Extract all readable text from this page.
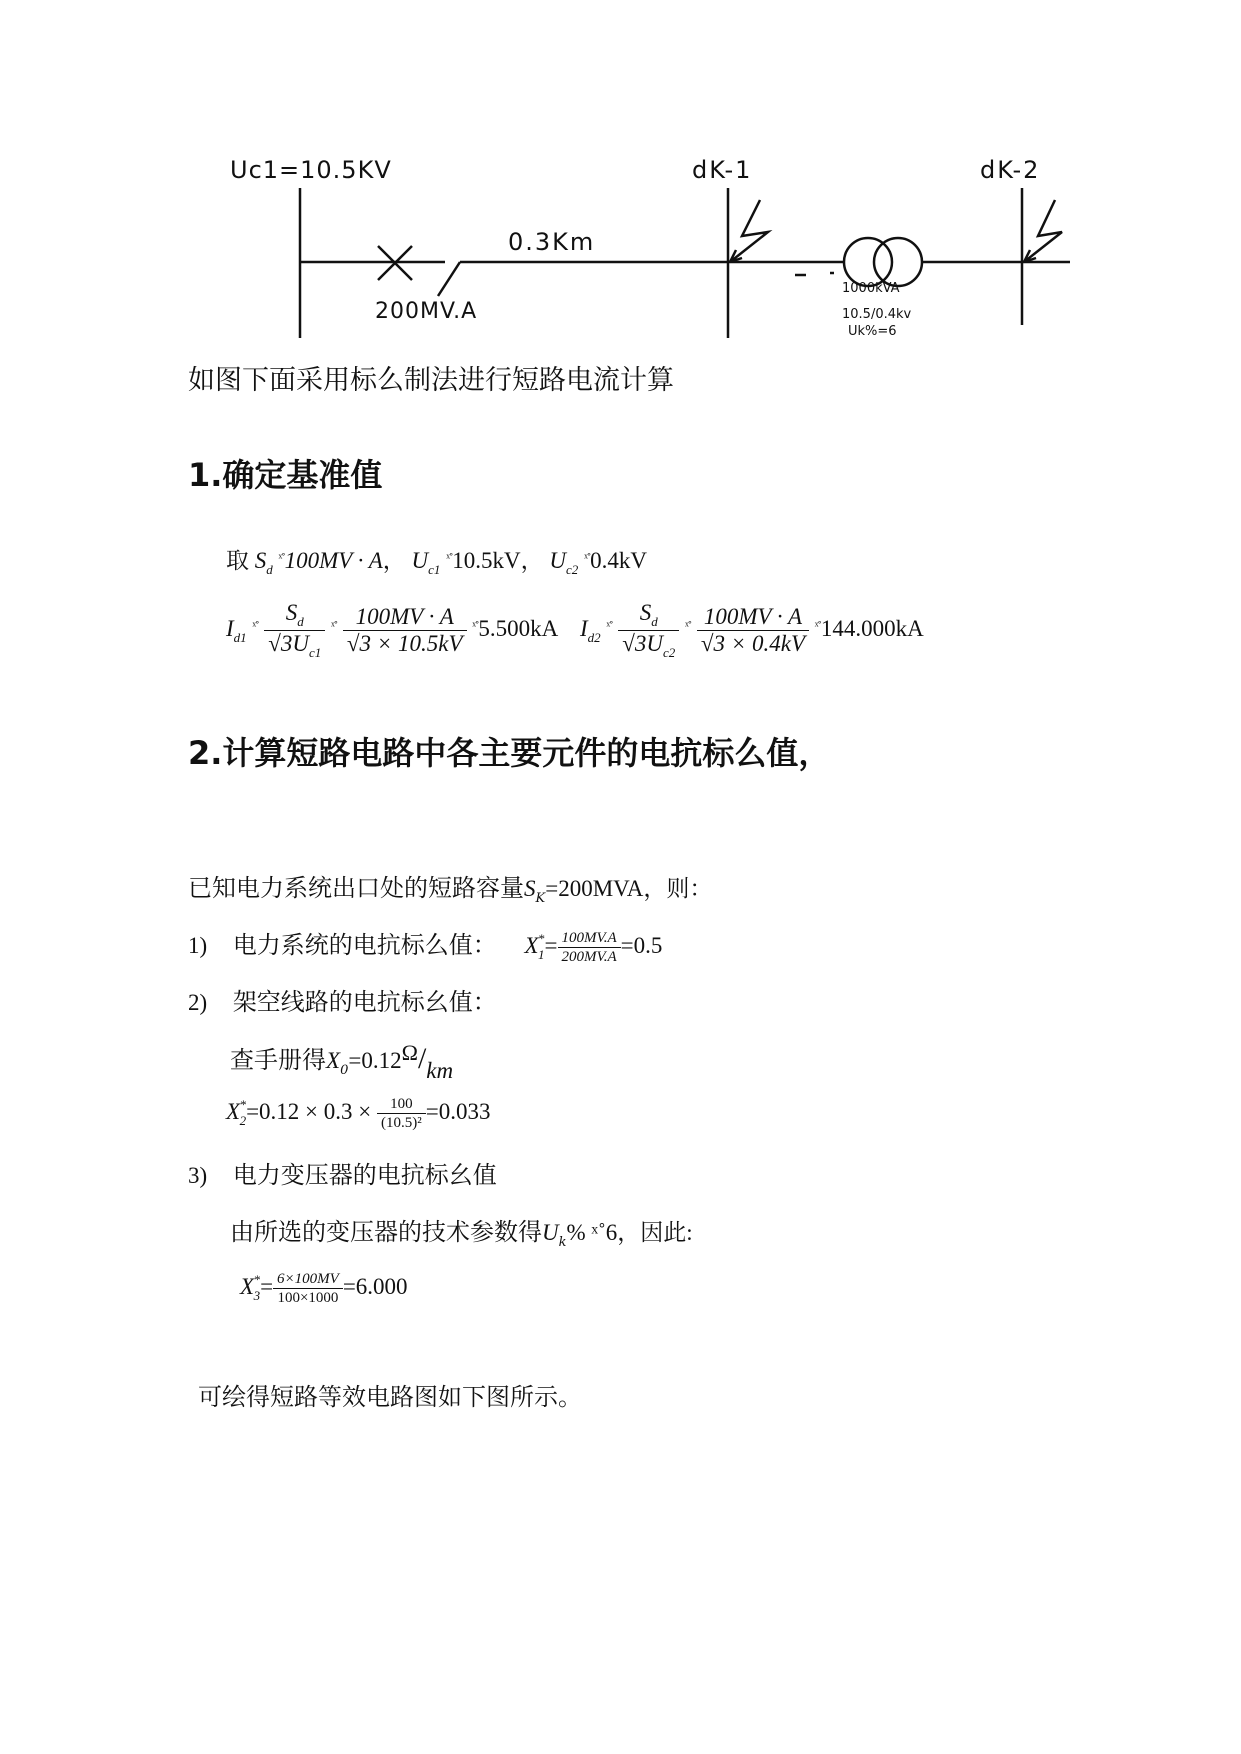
Uc1=10.5KV	dK-1	dK-2
0.3Km
200MV.A
1000kVA
10.5/0.4kv
Uk%=6
如图下面采用标么制法进行短路电流计算
1.确定基准值
取 $S_d$ $^{ˣ˚}$100MV · A， $U_{c1}$ $^{ˣ˚}$10.5kV， $U_{c2}$ $^{ˣ˚}$0.4kV
$I_{d1}$ $^{ˣ˚} \frac{S_d}{√3U_{c1}} ^{ˣ˚} \frac{100MV \cdot A}{√3 \times 10.5kV} ^{ˣ˚}5.500kA$ $I_{d2}$ $^{ˣ˚} \frac{S_d}{√3U_{c2}} ^{ˣ˚} \frac{100MV \cdot A}{√3 \times 0.4kV} ^{ˣ˚}144.000kA$
2.计算短路电路中各主要元件的电抗标么值，
已知电力系统出口处的短路容量$S_K=200MVA$，则：
1) 电力系统的电抗标么值： $X^*_1= \frac{100MV.A}{200MV.A} =0.5$
2) 架空线路的电抗标幺值：
查手册得$X_0=0.12\Omega/km$
$X^*_2=0.12 \times 0.3 \times \frac{100}{\text{(10.5)²}} =0.033$
3) 电力变压器的电抗标幺值
由所选的变压器的技术参数得$U_k\%$ ˣ˚6，因此:
$X^*_3= \frac{6\times 100MV}{100\times 1000} =6.000$
可绘得短路等效电路图如下图所示。
